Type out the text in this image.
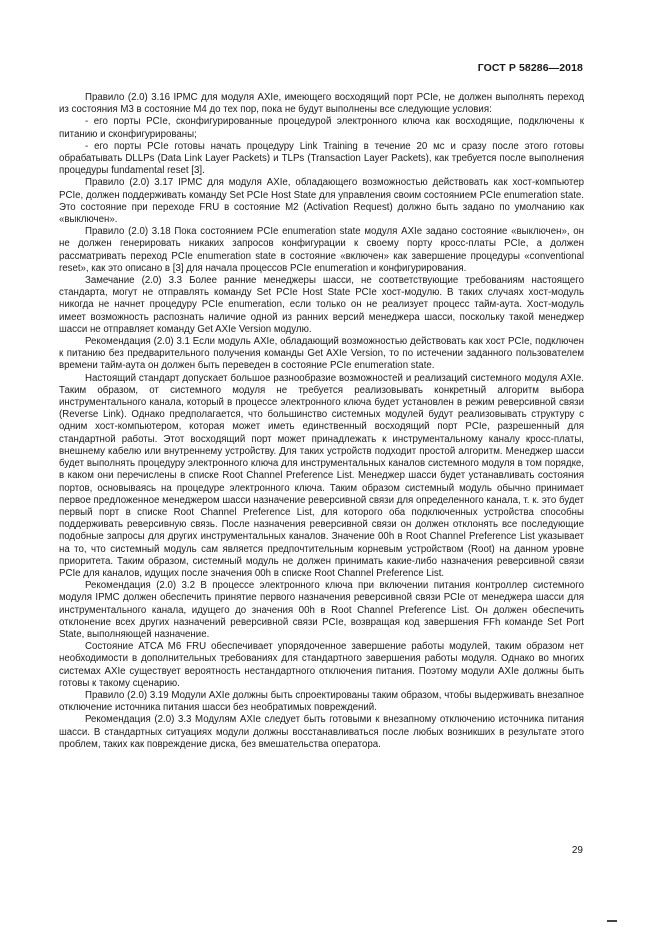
ГОСТ Р 58286—2018

Правило (2.0) 3.16 IPMC для модуля AXIe, имеющего восходящий порт PCIe, не должен выполнять переход из состояния M3 в состояние M4 до тех пор, пока не будут выполнены все следующие условия:

- его порты PCIe, сконфигурированные процедурой электронного ключа как восходящие, подключены к питанию и сконфигурированы;

- его порты PCIe готовы начать процедуру Link Training в течение 20 мс и сразу после этого готовы обрабатывать DLLPs (Data Link Layer Packets) и TLPs (Transaction Layer Packets), как требуется после выполнения процедуры fundamental reset [3].

Правило (2.0) 3.17 IPMC для модуля AXIe, обладающего возможностью действовать как хост-компьютер PCIe, должен поддерживать команду Set PCIe Host State для управления своим состоянием PCIe enumeration state. Это состояние при переходе FRU в состояние M2 (Activation Request) должно быть задано по умолчанию как «выключен».

Правило (2.0) 3.18 Пока состоянием PCIe enumeration state модуля AXIe задано состояние «выключен», он не должен генерировать никаких запросов конфигурации к своему порту кросс-платы PCIe, а должен рассматривать переход PCIe enumeration state в состояние «включен» как завершение процедуры «conventional reset», как это описано в [3] для начала процессов PCIe enumeration и конфигурирования.

Замечание (2.0) 3.3 Более ранние менеджеры шасси, не соответствующие требованиям настоящего стандарта, могут не отправлять команду Set PCIe Host State PCIe хост-модулю. В таких случаях хост-модуль никогда не начнет процедуру PCIe enumeration, если только он не реализует процесс тайм-аута. Хост-модуль имеет возможность распознать наличие одной из ранних версий менеджера шасси, поскольку такой менеджер шасси не отправляет команду Get AXIe Version модулю.

Рекомендация (2.0) 3.1 Если модуль AXIe, обладающий возможностью действовать как хост PCIe, подключен к питанию без предварительного получения команды Get AXIe Version, то по истечении заданного пользователем времени тайм-аута он должен быть переведен в состояние PCIe enumeration state.

Настоящий стандарт допускает большое разнообразие возможностей и реализаций системного модуля AXIe. Таким образом, от системного модуля не требуется реализовывать конкретный алгоритм выбора инструментального канала, который в процессе электронного ключа будет установлен в режим реверсивной связи (Reverse Link). Однако предполагается, что большинство системных модулей будут реализовывать структуру с одним хост-компьютером, которая может иметь единственный восходящий порт PCIe, разрешенный для стандартной работы. Этот восходящий порт может принадлежать к инструментальному каналу кросс-платы, внешнему кабелю или внутреннему устройству. Для таких устройств подходит простой алгоритм. Менеджер шасси будет выполнять процедуру электронного ключа для инструментальных каналов системного модуля в том порядке, в каком они перечислены в списке Root Channel Preference List. Менеджер шасси будет устанавливать состояния портов, основываясь на процедуре электронного ключа. Таким образом системный модуль обычно принимает первое предложенное менеджером шасси назначение реверсивной связи для определенного канала, т. к. это будет первый порт в списке Root Channel Preference List, для которого оба подключенных устройства способны поддерживать реверсивную связь. После назначения реверсивной связи он должен отклонять все последующие подобные запросы для других инструментальных каналов. Значение 00h в Root Channel Preference List указывает на то, что системный модуль сам является предпочтительным корневым устройством (Root) на данном уровне приоритета. Таким образом, системный модуль не должен принимать какие-либо назначения реверсивной связи PCIe для каналов, идущих после значения 00h в списке Root Channel Preference List.

Рекомендация (2.0) 3.2 В процессе электронного ключа при включении питания контроллер системного модуля IPMC должен обеспечить принятие первого назначения реверсивной связи PCIe от менеджера шасси для инструментального канала, идущего до значения 00h в Root Channel Preference List. Он должен обеспечить отклонение всех других назначений реверсивной связи PCIe, возвращая код завершения FFh команде Set Port State, выполняющей назначение.

Состояние ATCA M6 FRU обеспечивает упорядоченное завершение работы модулей, таким образом нет необходимости в дополнительных требованиях для стандартного завершения работы модуля. Однако во многих системах AXIe существует вероятность нестандартного отключения питания. Поэтому модули AXIe должны быть готовы к такому сценарию.

Правило (2.0) 3.19 Модули AXIe должны быть спроектированы таким образом, чтобы выдерживать внезапное отключение источника питания шасси без необратимых повреждений.

Рекомендация (2.0) 3.3 Модулям AXIe следует быть готовыми к внезапному отключению источника питания шасси. В стандартных ситуациях модули должны восстанавливаться после любых возникших в результате этого проблем, таких как повреждение диска, без вмешательства оператора.

29
